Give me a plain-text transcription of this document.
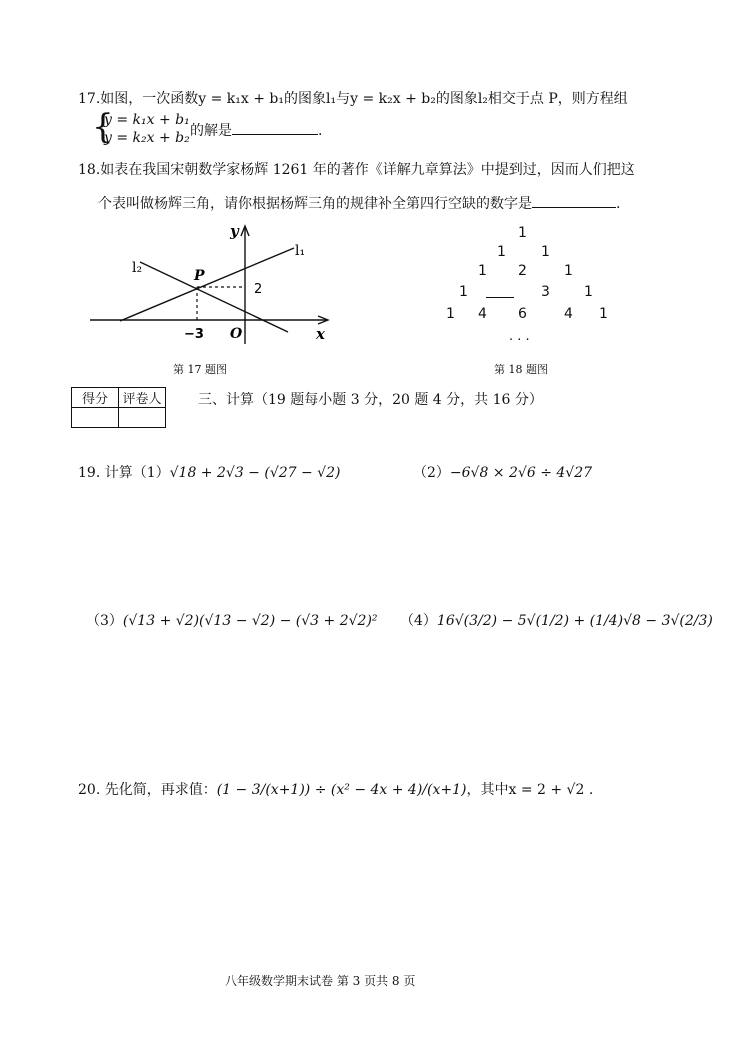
17.如图，一次函数y = k₁x + b₁的图象l₁与y = k₂x + b₂的图象l₂相交于点 P，则方程组
{
y = k₁x + b₁
y = k₂x + b₂ 的解是	.
18.如表在我国宋朝数学家杨辉 1261 年的著作《详解九章算法》中提到过，因而人们把这
个表叫做杨辉三角，请你根据杨辉三角的规律补全第四行空缺的数字是	.
y
x
l₁
l₂	P
O
−3
2
第 17 题图
1
1	1
1 2	1
1	3 1
1 4 6	4 1
· · ·
第 18 题图
得分	评卷人
		三、计算（19 题每小题 3 分，20 题 4 分，共 16 分）
19. 计算（1）√18 + 2√3 − (√27 − √2)	（2）−6√8 × 2√6 ÷ 4√27
（3）(√13 + √2)(√13 − √2) − (√3 + 2√2)² （4）16√(3/2) − 5√(1/2) + (1/4)√8 − 3√(2/3)
20. 先化简，再求值：(1 − 3/(x+1)) ÷ (x² − 4x + 4)/(x+1)，其中x = 2 + √2 .
八年级数学期末试卷 第 3 页共 8 页
